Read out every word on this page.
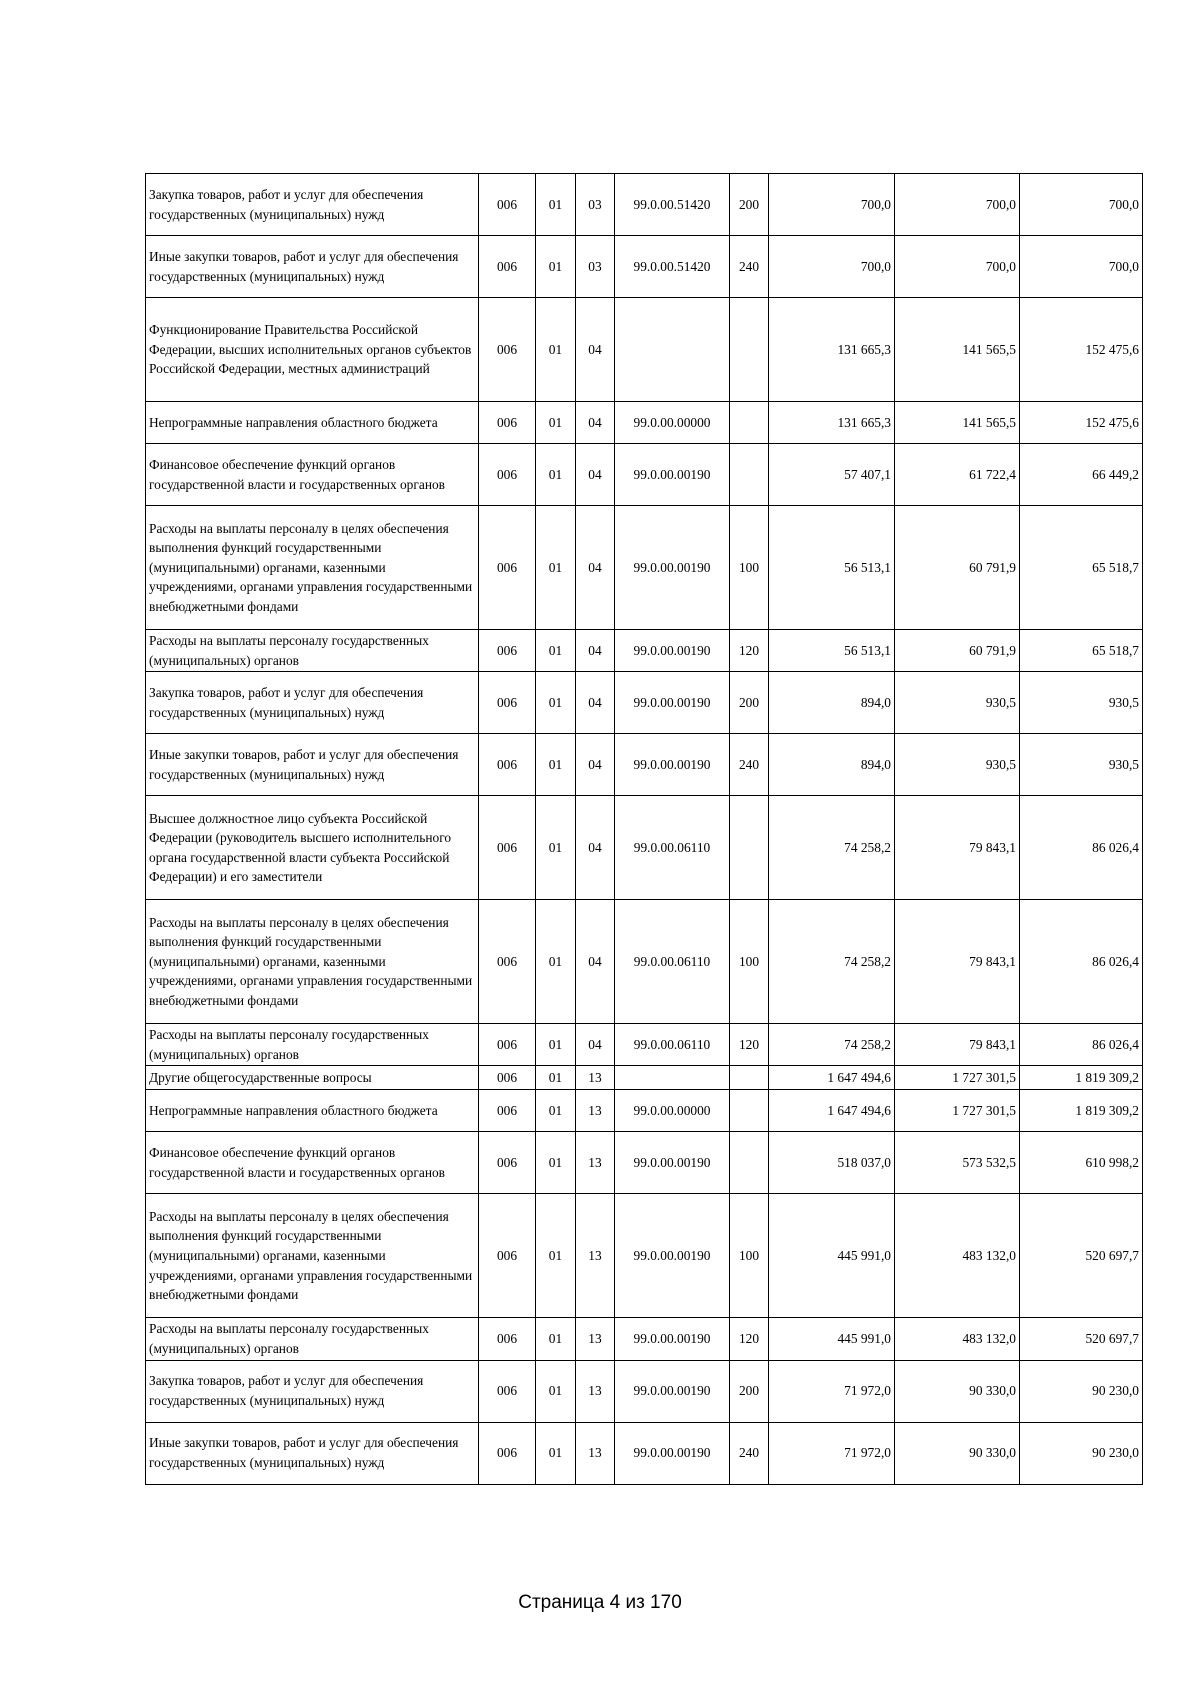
Закупка товаров, работ и услуг для обеспечения государственных (муниципальных) нужд	006	01	03	99.0.00.51420	200	700,0	700,0	700,0
Иные закупки товаров, работ и услуг для обеспечения государственных (муниципальных) нужд	006	01	03	99.0.00.51420	240	700,0	700,0	700,0
Функционирование Правительства Российской Федерации, высших исполнительных органов субъектов Российской Федерации, местных администраций	006	01	04			131 665,3	141 565,5	152 475,6
Непрограммные направления областного бюджета	006	01	04	99.0.00.00000		131 665,3	141 565,5	152 475,6
Финансовое обеспечение функций органов государственной власти и государственных органов	006	01	04	99.0.00.00190		57 407,1	61 722,4	66 449,2
Расходы на выплаты персоналу в целях обеспечения выполнения функций государственными (муниципальными) органами, казенными учреждениями, органами управления государственными внебюджетными фондами	006	01	04	99.0.00.00190	100	56 513,1	60 791,9	65 518,7
Расходы на выплаты персоналу государственных (муниципальных) органов	006	01	04	99.0.00.00190	120	56 513,1	60 791,9	65 518,7
Закупка товаров, работ и услуг для обеспечения государственных (муниципальных) нужд	006	01	04	99.0.00.00190	200	894,0	930,5	930,5
Иные закупки товаров, работ и услуг для обеспечения государственных (муниципальных) нужд	006	01	04	99.0.00.00190	240	894,0	930,5	930,5
Высшее должностное лицо субъекта Российской Федерации (руководитель высшего исполнительного органа государственной власти субъекта Российской Федерации) и его заместители	006	01	04	99.0.00.06110		74 258,2	79 843,1	86 026,4
Расходы на выплаты персоналу в целях обеспечения выполнения функций государственными (муниципальными) органами, казенными учреждениями, органами управления государственными внебюджетными фондами	006	01	04	99.0.00.06110	100	74 258,2	79 843,1	86 026,4
Расходы на выплаты персоналу государственных (муниципальных) органов	006	01	04	99.0.00.06110	120	74 258,2	79 843,1	86 026,4
Другие общегосударственные вопросы	006	01	13			1 647 494,6	1 727 301,5	1 819 309,2
Непрограммные направления областного бюджета	006	01	13	99.0.00.00000		1 647 494,6	1 727 301,5	1 819 309,2
Финансовое обеспечение функций органов государственной власти и государственных органов	006	01	13	99.0.00.00190		518 037,0	573 532,5	610 998,2
Расходы на выплаты персоналу в целях обеспечения выполнения функций государственными (муниципальными) органами, казенными учреждениями, органами управления государственными внебюджетными фондами	006	01	13	99.0.00.00190	100	445 991,0	483 132,0	520 697,7
Расходы на выплаты персоналу государственных (муниципальных) органов	006	01	13	99.0.00.00190	120	445 991,0	483 132,0	520 697,7
Закупка товаров, работ и услуг для обеспечения государственных (муниципальных) нужд	006	01	13	99.0.00.00190	200	71 972,0	90 330,0	90 230,0
Иные закупки товаров, работ и услуг для обеспечения государственных (муниципальных) нужд	006	01	13	99.0.00.00190	240	71 972,0	90 330,0	90 230,0
Страница 4 из 170
